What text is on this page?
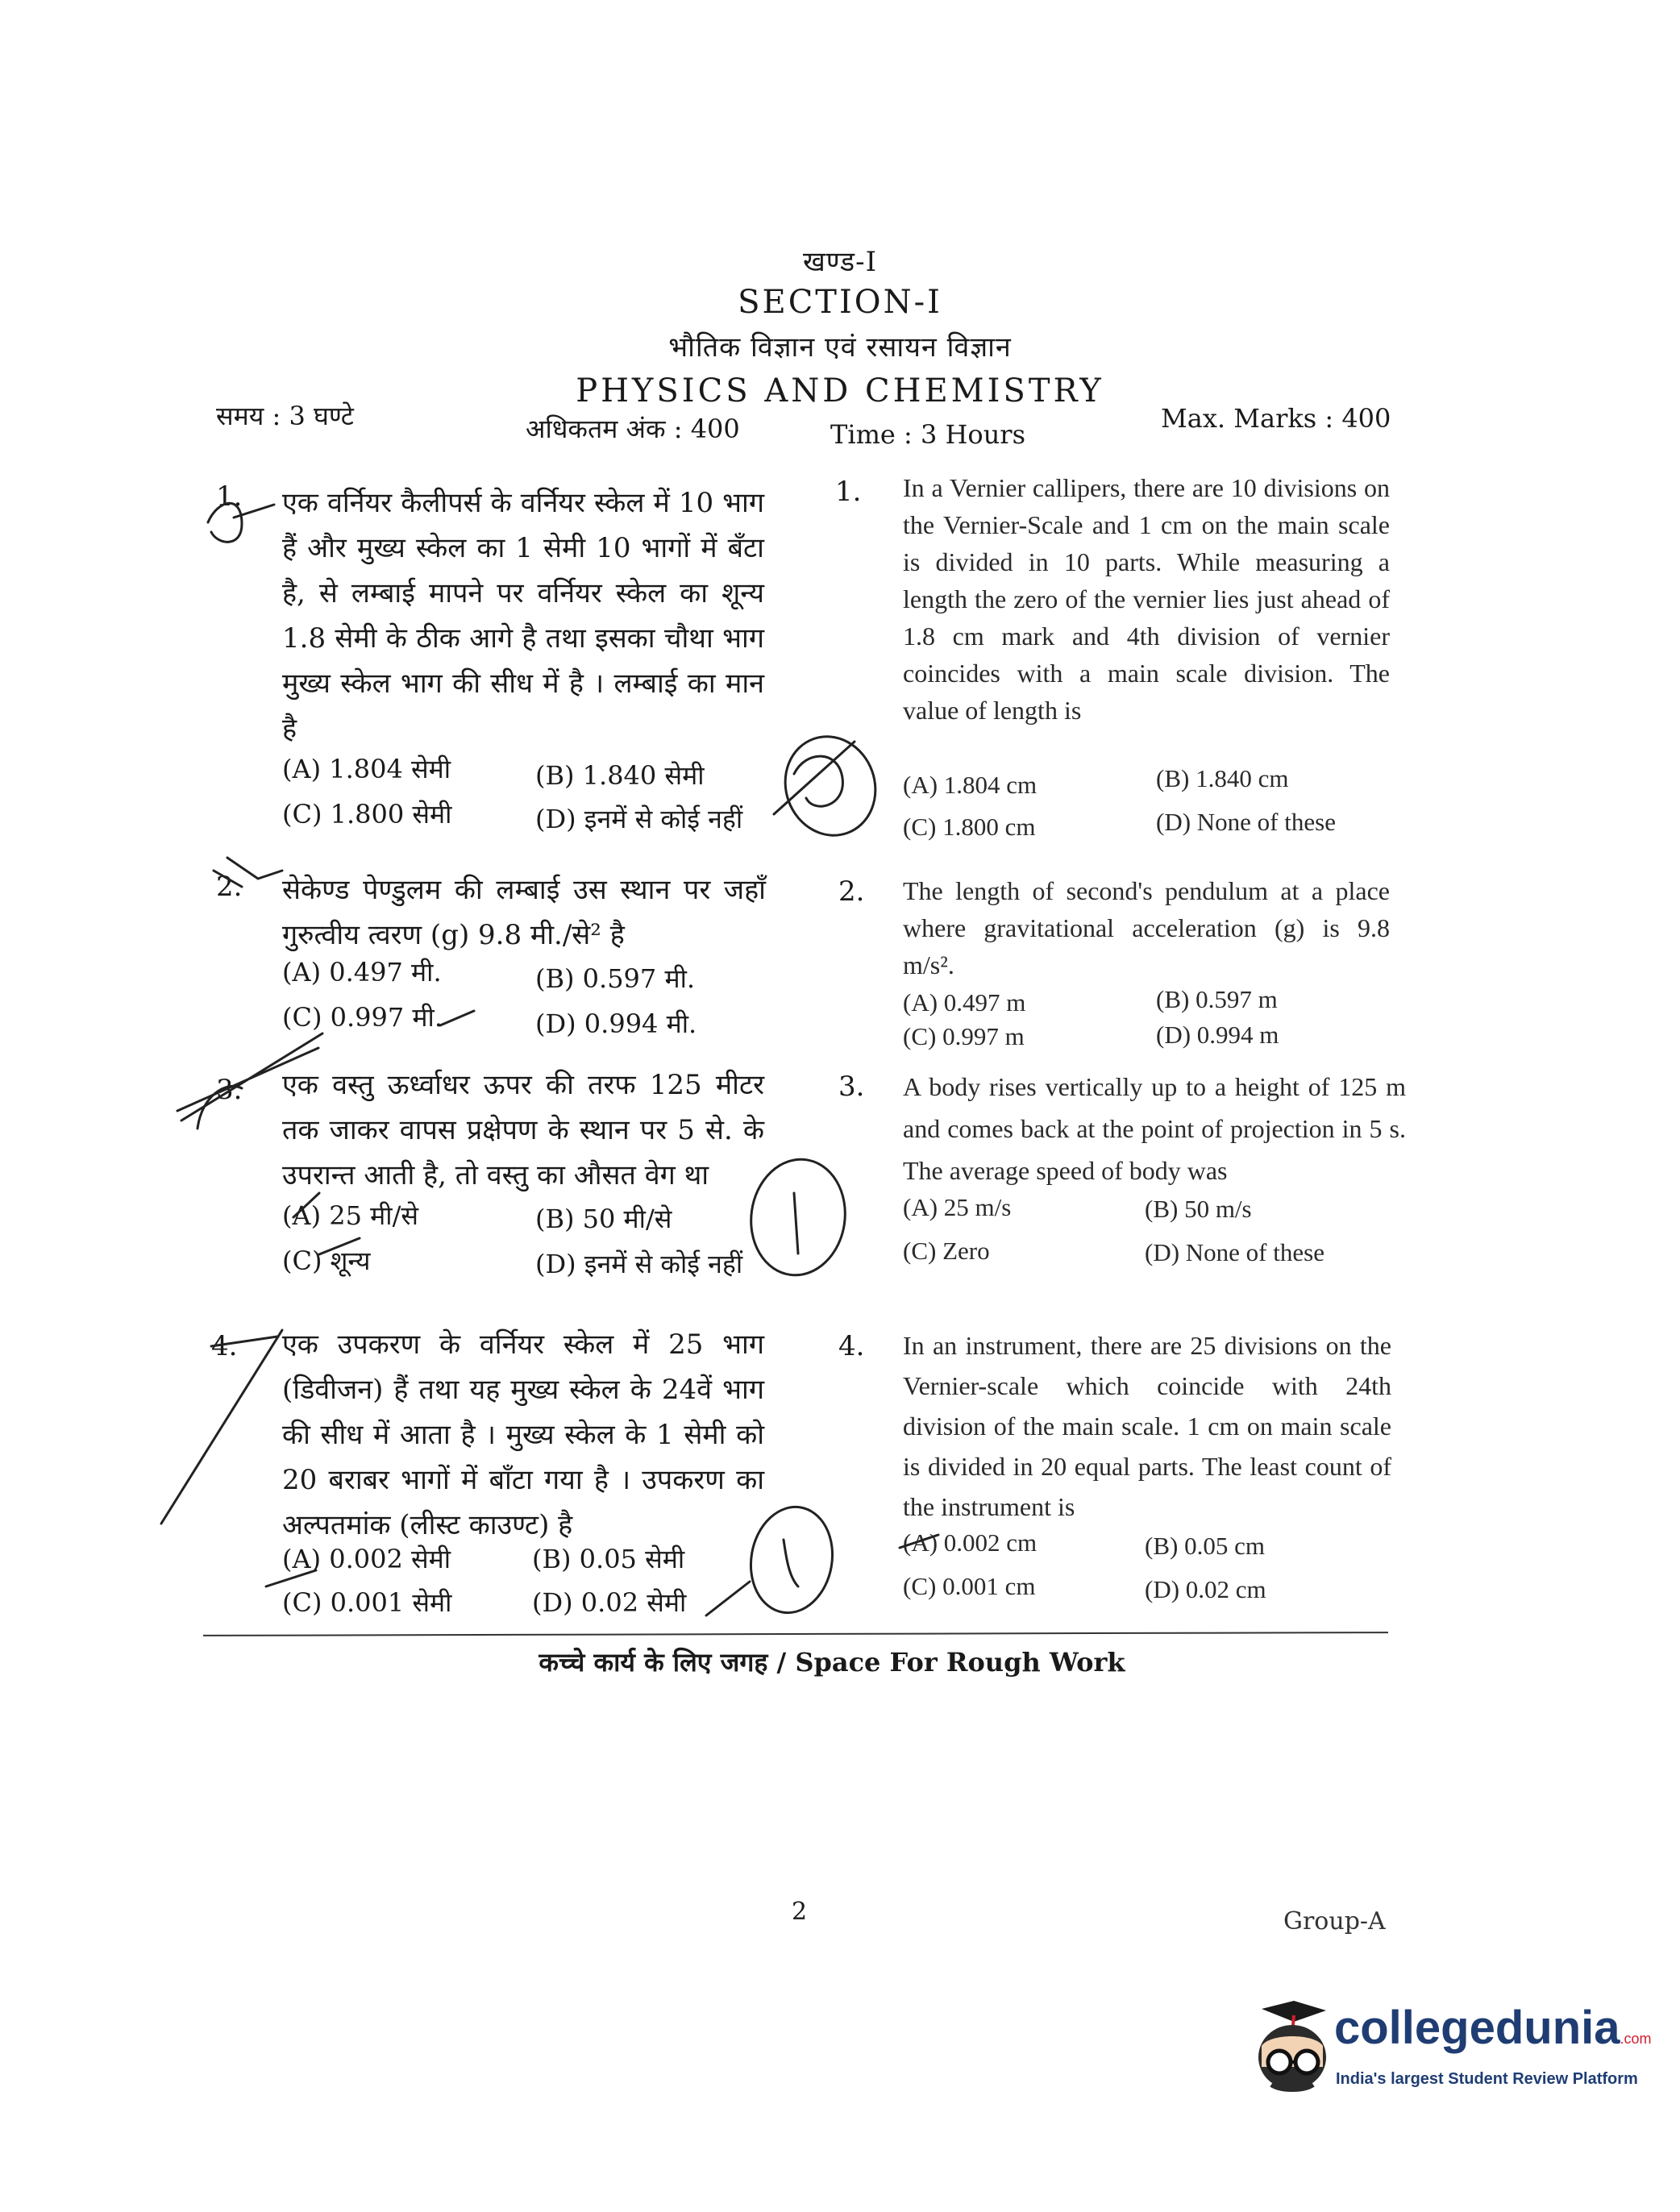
खण्ड-I
SECTION-I
भौतिक विज्ञान एवं रसायन विज्ञान
PHYSICS AND CHEMISTRY
समय : 3 घण्टे	अधिकतम अंक : 400	Time : 3 Hours
Max. Marks : 400
1. एक वर्नियर कैलीपर्स के वर्नियर स्केल में 10 भाग हैं और मुख्य स्केल का 1 सेमी 10 भागों में बँटा है, से लम्बाई मापने पर वर्नियर स्केल का शून्य 1.8 सेमी के ठीक आगे है तथा इसका चौथा भाग मुख्य स्केल भाग की सीध में है । लम्बाई का मान है
(A) 1.804 सेमी	(B) 1.840 सेमी
(C) 1.800 सेमी	(D) इनमें से कोई नहीं
1. In a Vernier callipers, there are 10 divisions on the Vernier-Scale and 1 cm on the main scale is divided in 10 parts. While measuring a length the zero of the vernier lies just ahead of 1.8 cm mark and 4th division of vernier coincides with a main scale division. The value of length is
(A) 1.804 cm	(B) 1.840 cm
(C) 1.800 cm	(D) None of these
2. सेकेण्ड पेण्डुलम की लम्बाई उस स्थान पर जहाँ गुरुत्वीय त्वरण (g) 9.8 मी./से² है
(A) 0.497 मी.	(B) 0.597 मी.
(C) 0.997 मी.	(D) 0.994 मी.
2. The length of second's pendulum at a place where gravitational acceleration (g) is 9.8 m/s².
(A) 0.497 m	(B) 0.597 m
(C) 0.997 m	(D) 0.994 m
3. एक वस्तु ऊर्ध्वाधर ऊपर की तरफ 125 मीटर तक जाकर वापस प्रक्षेपण के स्थान पर 5 से. के उपरान्त आती है, तो वस्तु का औसत वेग था
(A) 25 मी/से	(B) 50 मी/से
(C) शून्य	(D) इनमें से कोई नहीं
3. A body rises vertically up to a height of 125 m and comes back at the point of projection in 5 s. The average speed of body was
(A) 25 m/s	(B) 50 m/s
(C) Zero	(D) None of these
4. एक उपकरण के वर्नियर स्केल में 25 भाग (डिवीजन) हैं तथा यह मुख्य स्केल के 24वें भाग की सीध में आता है । मुख्य स्केल के 1 सेमी को 20 बराबर भागों में बाँटा गया है । उपकरण का अल्पतमांक (लीस्ट काउण्ट) है
(A) 0.002 सेमी	(B) 0.05 सेमी
(C) 0.001 सेमी	(D) 0.02 सेमी
4. In an instrument, there are 25 divisions on the Vernier-scale which coincide with 24th division of the main scale. 1 cm on main scale is divided in 20 equal parts. The least count of the instrument is
(A) 0.002 cm	(B) 0.05 cm
(C) 0.001 cm	(D) 0.02 cm
कच्चे कार्य के लिए जगह / Space For Rough Work
2	Group-A
collegedunia.com
India's largest Student Review Platform
